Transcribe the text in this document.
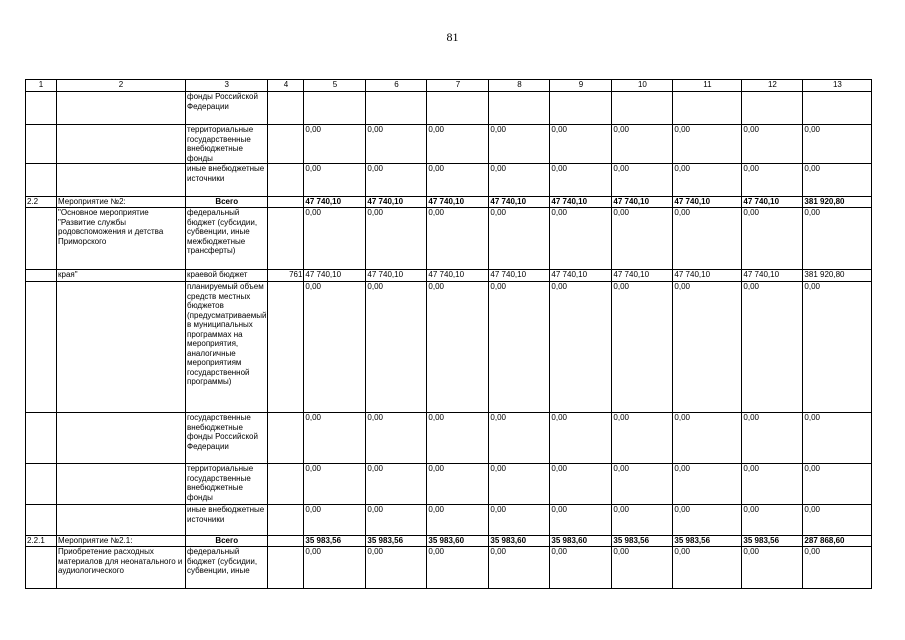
81
1	2	3	4	5	6	7	8	9	10	11	12	13
		фонды Российской Федерации										
		территориальные государственные внебюджетные фонды		0,00	0,00	0,00	0,00	0,00	0,00	0,00	0,00	0,00
		иные внебюджетные источники		0,00	0,00	0,00	0,00	0,00	0,00	0,00	0,00	0,00
2.2	Мероприятие №2:	Всего		47 740,10	47 740,10	47 740,10	47 740,10	47 740,10	47 740,10	47 740,10	47 740,10	381 920,80
	"Основное мероприятие "Развитие службы родовспоможения и детства Приморского	федеральный бюджет (субсидии, субвенции, иные межбюджетные трансферты)		0,00	0,00	0,00	0,00	0,00	0,00	0,00	0,00	0,00
	края"	краевой бюджет	761	47 740,10	47 740,10	47 740,10	47 740,10	47 740,10	47 740,10	47 740,10	47 740,10	381 920,80
		планируемый объем средств местных бюджетов (предусматриваемый в муниципальных программах на мероприятия, аналогичные мероприятиям государственной программы)		0,00	0,00	0,00	0,00	0,00	0,00	0,00	0,00	0,00
		государственные внебюджетные фонды Российской Федерации		0,00	0,00	0,00	0,00	0,00	0,00	0,00	0,00	0,00
		территориальные государственные внебюджетные фонды		0,00	0,00	0,00	0,00	0,00	0,00	0,00	0,00	0,00
		иные внебюджетные источники		0,00	0,00	0,00	0,00	0,00	0,00	0,00	0,00	0,00
2.2.1	Мероприятие №2.1:	Всего		35 983,56	35 983,56	35 983,60	35 983,60	35 983,60	35 983,56	35 983,56	35 983,56	287 868,60
	Приобретение расходных материалов для неонатального и аудиологического	федеральный бюджет (субсидии, субвенции, иные		0,00	0,00	0,00	0,00	0,00	0,00	0,00	0,00	0,00
